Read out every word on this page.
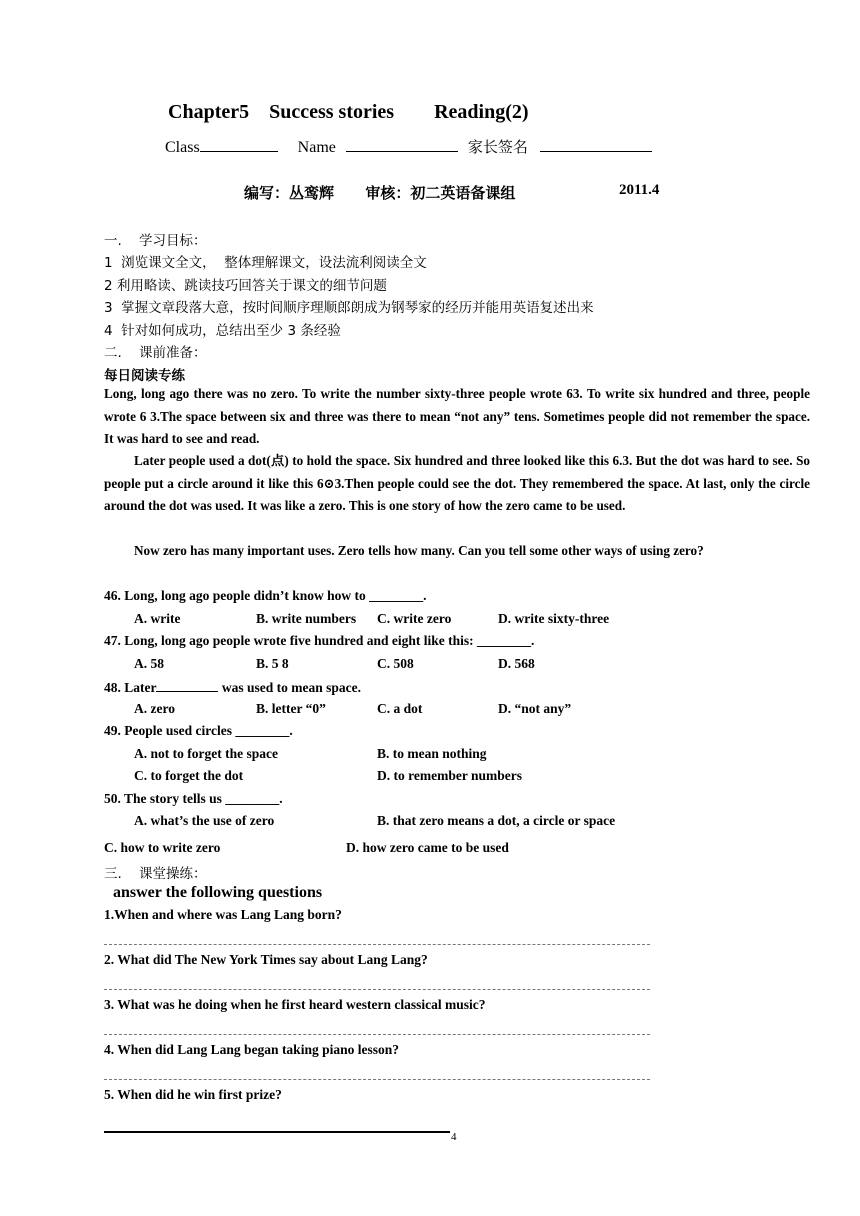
Chapter5    Success stories        Reading(2)
Class	Name	家长签名
编写：丛鸾辉      审核：初二英语备课组	2011.4
一.    学习目标：
1  浏览课文全文，  整体理解课文，设法流利阅读全文
2 利用略读、跳读技巧回答关于课文的细节问题
3  掌握文章段落大意，按时间顺序理顺郎朗成为钢琴家的经历并能用英语复述出来
4  针对如何成功，总结出至少 3 条经验
二.    课前准备：
每日阅读专练
Long, long ago there was no zero. To write the number sixty-three people wrote 63. To write six hundred and three, people wrote 6 3.The space between six and three was there to mean “not any” tens. Sometimes people did not remember the space. It was hard to see and read.
Later people used a dot(点) to hold the space. Six hundred and three looked like this 6.3. But the dot was hard to see. So people put a circle around it like this 6⊙3.Then people could see the dot. They remembered the space. At last, only the circle around the dot was used. It was like a zero. This is one story of how the zero came to be used.
Now zero has many important uses. Zero tells how many. Can you tell some other ways of using zero?
46. Long, long ago people didn’t know how to ________.
A. write	B. write numbers C. write zero	D. write sixty-three
47. Long, long ago people wrote five hundred and eight like this: ________.
A. 58	B. 5 8	C. 508	D. 568
48. Later	was used to mean space.
A. zero	B. letter “0”	C. a dot	D. “not any”
49. People used circles ________.
A. not to forget the space	B. to mean nothing
C. to forget the dot	D. to remember numbers
50. The story tells us ________.
A. what’s the use of zero	B. that zero means a dot, a circle or space
C. how to write zero	D. how zero came to be used
三.    课堂操练：
answer the following questions
1.When and where was Lang Lang born?
2. What did The New York Times say about Lang Lang?
3. What was he doing when he first heard western classical music?
4. When did Lang Lang began taking piano lesson?
5. When did he win first prize?
4
